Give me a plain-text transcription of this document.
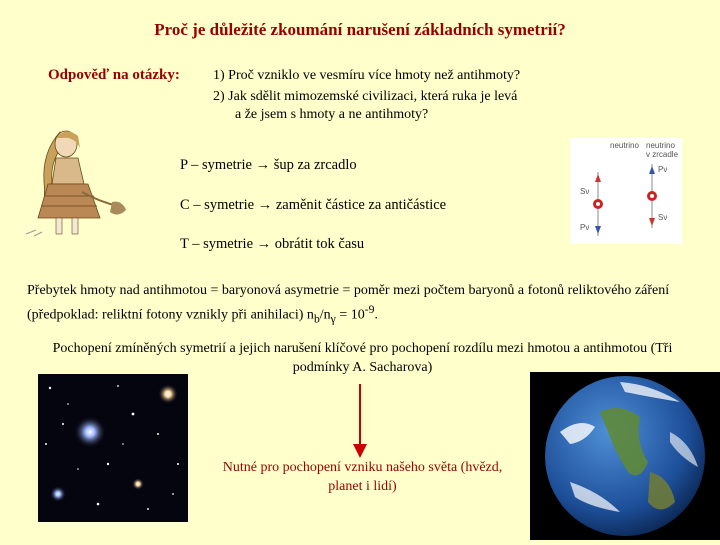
Proč je důležité zkoumání narušení základních symetrií?
Odpověď na otázky: 1) Proč vzniklo ve vesmíru více hmoty než antihmoty?
2) Jak sdělit mimozemské civilizaci, která ruka je levá
a že jsem s hmoty a ne antihmoty?
P – symetrie → šup za zrcadlo
C – symetrie → zaměnit částice za antičástice
T – symetrie → obrátit tok času
neutrino neutrino
v zrcadle
Sν
Pν
Pν
Sν
Přebytek hmoty nad antihmotou = baryonová asymetrie = poměr mezi počtem baryonů a fotonů reliktového záření (předpoklad: reliktní fotony vznikly při anihilaci) $n_b/n_\gamma = 10^{-9}$.
Pochopení zmíněných symetrií a jejich narušení klíčové pro pochopení rozdílu mezi hmotou a antihmotou (Tři podmínky A. Sacharova)
Nutné pro pochopení vzniku našeho světa (hvězd, planet i lidí)
